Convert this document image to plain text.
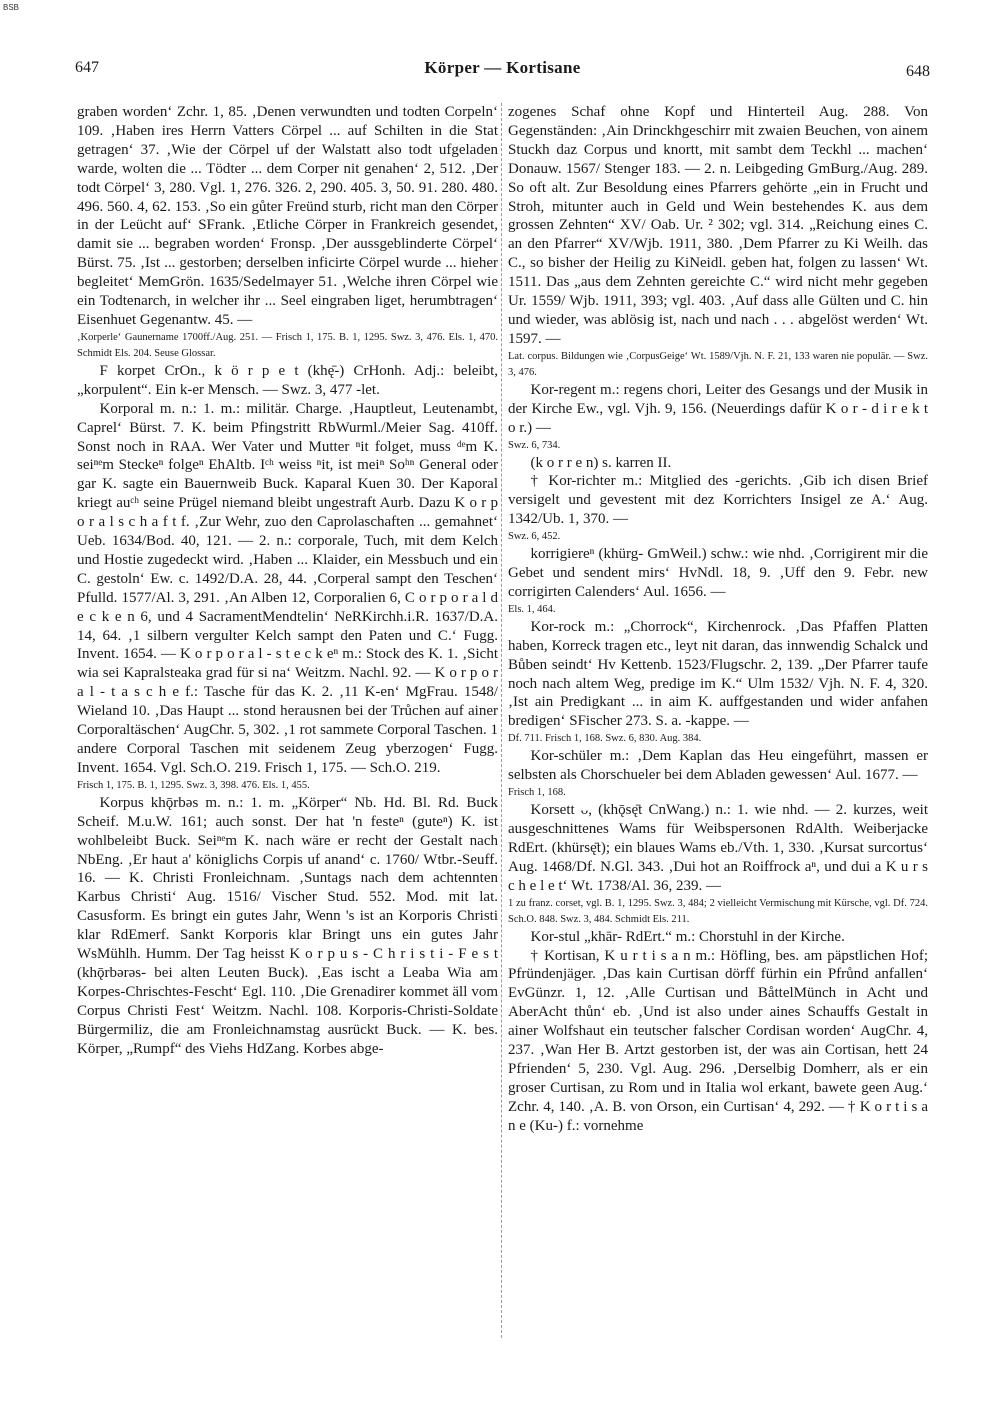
BSB
647	Körper — Kortisane	648

graben worden‘ Zchr. 1, 85. ‚Denen verwundten und todten Corpeln‘ 109. ‚Haben ires Herrn Vatters Cörpel ... auf Schilten in die Stat getragen‘ 37. ‚Wie der Cörpel uf der Walstatt also todt ufgeladen warde, wolten die ... Tödter ... dem Corper nit genahen‘ 2, 512. ‚Der todt Cörpel‘ 3, 280. Vgl. 1, 276. 326. 2, 290. 405. 3, 50. 91. 280. 480. 496. 560. 4, 62. 153. ‚So ein gůter Freünd sturb, richt man den Cörper in der Leücht auf‘ SFrank. ‚Etliche Cörper in Frankreich gesendet, damit sie ... begraben worden‘ Fronsp. ‚Der aussgeblinderte Cörpel‘ Bürst. 75. ‚Ist ... gestorben; derselben inficirte Cörpel wurde ... hieher begleitet‘ MemGrön. 1635/Sedelmayer 51. ‚Welche ihren Cörpel wie ein Todtenarch, in welcher ihr ... Seel eingraben liget, herumbtragen‘ Eisenhuet Gegenantw. 45. —

‚Korperle‘ Gaunername 1700ff./Aug. 251. — Frisch 1, 175. B. 1, 1295. Swz. 3, 476. Els. 1, 470. Schmidt Els. 204. Seuse Glossar.

F korpet CrOn., k ö r p e t (khę̄-) CrHonh. Adj.: beleibt, „korpulent“. Ein k-er Mensch. — Swz. 3, 477 -let.

Korporal m. n.: 1. m.: militär. Charge. ‚Hauptleut, Leutenambt, Caprel‘ Bürst. 7. K. beim Pfingstritt RbWurml./Meier Sag. 410ff. Sonst noch in RAA. Wer Vater und Mutter ⁿit folget, muss ᵈᵉm K. seiⁿᵉm Steckeⁿ folgeⁿ EhAltb. Iᶜʰ weiss ⁿit, ist meiⁿ Soʰⁿ General oder gar K. sagte ein Bauernweib Buck. Kaparal Kuen 30. Der Kaporal kriegt auᶜʰ seine Prügel niemand bleibt ungestraft Aurb. Dazu K o r p o r a l s c h a f t f. ‚Zur Wehr, zuo den Caprolaschaften ... gemahnet‘ Ueb. 1634/Bod. 40, 121. — 2. n.: corporale, Tuch, mit dem Kelch und Hostie zugedeckt wird. ‚Haben ... Klaider, ein Messbuch und ein C. gestoln‘ Ew. c. 1492/D.A. 28, 44. ‚Corperal sampt den Teschen‘ Pfulld. 1577/Al. 3, 291. ‚An Alben 12, Corporalien 6, C o r p o r a l d e c k e n 6, und 4 SacramentMendtelin‘ NeRKirchh.i.R. 1637/D.A. 14, 64. ‚1 silbern vergulter Kelch sampt den Paten und C.‘ Fugg. Invent. 1654. — K o r p o r a l - s t e c k eⁿ m.: Stock des K. 1. ‚Sicht wia sei Kapralsteaka grad für si na‘ Weitzm. Nachl. 92. — K o r p o r a l - t a s c h e f.: Tasche für das K. 2. ‚11 K-en‘ MgFrau. 1548/ Wieland 10. ‚Das Haupt ... stond herausnen bei der Trůchen auf ainer Corporaltäschen‘ AugChr. 5, 302. ‚1 rot sammete Corporal Taschen. 1 andere Corporal Taschen mit seidenem Zeug yberzogen‘ Fugg. Invent. 1654. Vgl. Sch.O. 219. Frisch 1, 175. — Sch.O. 219.

Frisch 1, 175. B. 1, 1295. Swz. 3, 398. 476. Els. 1, 455.

Korpus khǭrbǝs m. n.: 1. m. „Körper“ Nb. Hd. Bl. Rd. Buck Scheif. M.u.W. 161; auch sonst. Der hat 'n festeⁿ (guteⁿ) K. ist wohlbeleibt Buck. Seiⁿᵉm K. nach wäre er recht der Gestalt nach NbEng. ‚Er haut a' königlichs Corpis uf anand‘ c. 1760/ Wtbr.-Seuff. 16. — K. Christi Fronleichnam. ‚Suntags nach dem achtennten Karbus Christi‘ Aug. 1516/ Vischer Stud. 552. Mod. mit lat. Casusform. Es bringt ein gutes Jahr, Wenn 's ist an Korporis Christi klar RdEmerf. Sankt Korporis klar Bringt uns ein gutes Jahr WsMühlh. Humm. Der Tag heisst K o r p u s - C h r i s t i - F e s t (khǭrbǝrǝs- bei alten Leuten Buck). ‚Eas ischt a Leaba Wia am Korpes-Chrischtes-Fescht‘ Egl. 110. ‚Die Grenadirer kommet äll vom Corpus Christi Fest‘ Weitzm. Nachl. 108. Korporis-Christi-Soldate Bürgermiliz, die am Fronleichnamstag ausrückt Buck. — K. bes. Körper, „Rumpf“ des Viehs HdZang. Korbes abge-

zogenes Schaf ohne Kopf und Hinterteil Aug. 288. Von Gegenständen: ‚Ain Drinckhgeschirr mit zwaien Beuchen, von ainem Stuckh daz Corpus und knortt, mit sambt dem Teckhl ... machen‘ Donauw. 1567/ Stenger 183. — 2. n. Leibgeding GmBurg./Aug. 289. So oft alt. Zur Besoldung eines Pfarrers gehörte „ein in Frucht und Stroh, mitunter auch in Geld und Wein bestehendes K. aus dem grossen Zehnten“ XV/ Oab. Ur. ² 302; vgl. 314. „Reichung eines C. an den Pfarrer“ XV/Wjb. 1911, 380. ‚Dem Pfarrer zu Ki Weilh. das C., so bisher der Heilig zu KiNeidl. geben hat, folgen zu lassen‘ Wt. 1511. Das „aus dem Zehnten gereichte C.“ wird nicht mehr gegeben Ur. 1559/ Wjb. 1911, 393; vgl. 403. ‚Auf dass alle Gülten und C. hin und wieder, was ablösig ist, nach und nach . . . abgelöst werden‘ Wt. 1597. —

Lat. corpus. Bildungen wie ‚CorpusGeige‘ Wt. 1589/Vjh. N. F. 21, 133 waren nie populär. — Swz. 3, 476.

Kor-regent m.: regens chori, Leiter des Gesangs und der Musik in der Kirche Ew., vgl. Vjh. 9, 156. (Neuerdings dafür K o r - d i r e k t o r.) —

Swz. 6, 734.

(k o r r e n) s. karren II.

† Kor-richter m.: Mitglied des -gerichts. ‚Gib ich disen Brief versigelt und gevestent mit dez Korrichters Insigel ze A.‘ Aug. 1342/Ub. 1, 370. —

Swz. 6, 452.

korrigiereⁿ (khürg- GmWeil.) schw.: wie nhd. ‚Corrigirent mir die Gebet und sendent mirs‘ HvNdl. 18, 9. ‚Uff den 9. Febr. new corrigirten Calenders‘ Aul. 1656. —

Els. 1, 464.

Kor-rock m.: „Chorrock“, Kirchenrock. ‚Das Pfaffen Platten haben, Korreck tragen etc., leyt nit daran, das innwendig Schalck und Bůben seindt‘ Hv Kettenb. 1523/Flugschr. 2, 139. „Der Pfarrer taufe noch nach altem Weg, predige im K.“ Ulm 1532/ Vjh. N. F. 4, 320. ‚Ist ain Predigkant ... in aim K. auffgestanden und wider anfahen bredigen‘ SFischer 273. S. a. -kappe. —

Df. 711. Frisch 1, 168. Swz. 6, 830. Aug. 384.

Kor-schüler m.: ‚Dem Kaplan das Heu eingeführt, massen er selbsten als Chorschueler bei dem Abladen gewessen‘ Aul. 1677. —

Frisch 1, 168.

Korsett ᴗ, (khǭsę̄t CnWang.) n.: 1. wie nhd. — 2. kurzes, weit ausgeschnittenes Wams für Weibspersonen RdAlth. Weiberjacke RdErt. (khürsę̄t); ein blaues Wams eb./Vth. 1, 330. ‚Kursat surcortus‘ Aug. 1468/Df. N.Gl. 343. ‚Dui hot an Roiffrock aⁿ, und dui a K u r s c h e l e t‘ Wt. 1738/Al. 36, 239. —

1 zu franz. corset, vgl. B. 1, 1295. Swz. 3, 484; 2 vielleicht Vermischung mit Kürsche, vgl. Df. 724. Sch.O. 848. Swz. 3, 484. Schmidt Els. 211.

Kor-stul „khār- RdErt.“ m.: Chorstuhl in der Kirche.

† Kortisan, K u r t i s a n m.: Höfling, bes. am päpstlichen Hof; Pfründenjäger. ‚Das kain Curtisan dörff fürhin ein Pfrůnd anfallen‘ EvGünzr. 1, 12. ‚Alle Curtisan und BåttelMünch in Acht und AberAcht thůn‘ eb. ‚Und ist also under aines Schauffs Gestalt in ainer Wolfshaut ein teutscher falscher Cordisan worden‘ AugChr. 4, 237. ‚Wan Her B. Artzt gestorben ist, der was ain Cortisan, hett 24 Pfrienden‘ 5, 230. Vgl. Aug. 296. ‚Derselbig Domherr, als er ein groser Curtisan, zu Rom und in Italia wol erkant, bawete geen Aug.‘ Zchr. 4, 140. ‚A. B. von Orson, ein Curtisan‘ 4, 292. — † K o r t i s a n e (Ku-) f.: vornehme
